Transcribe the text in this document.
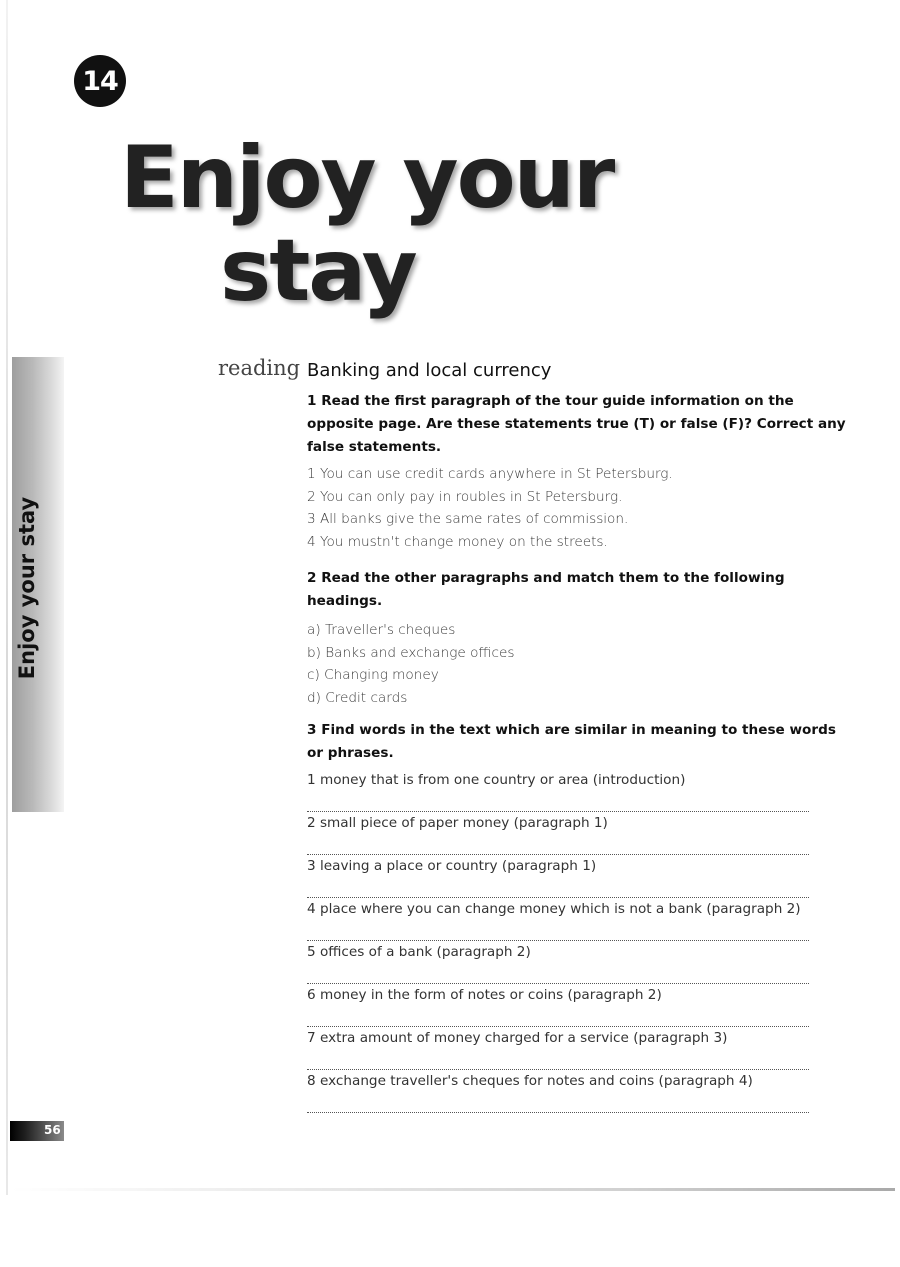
14
Enjoy your
stay
Enjoy your stay
56
reading Banking and local currency

1 Read the first paragraph of the tour guide information on the opposite page. Are these statements true (T) or false (F)? Correct any false statements.

1 You can use credit cards anywhere in St Petersburg.
2 You can only pay in roubles in St Petersburg.
3 All banks give the same rates of commission.
4 You mustn't change money on the streets.

2 Read the other paragraphs and match them to the following headings.

a) Traveller's cheques
b) Banks and exchange offices
c) Changing money
d) Credit cards

3 Find words in the text which are similar in meaning to these words or phrases.

1 money that is from one country or area (introduction)
2 small piece of paper money (paragraph 1)
3 leaving a place or country (paragraph 1)
4 place where you can change money which is not a bank (paragraph 2)
5 offices of a bank (paragraph 2)
6 money in the form of notes or coins (paragraph 2)
7 extra amount of money charged for a service (paragraph 3)
8 exchange traveller's cheques for notes and coins (paragraph 4)
